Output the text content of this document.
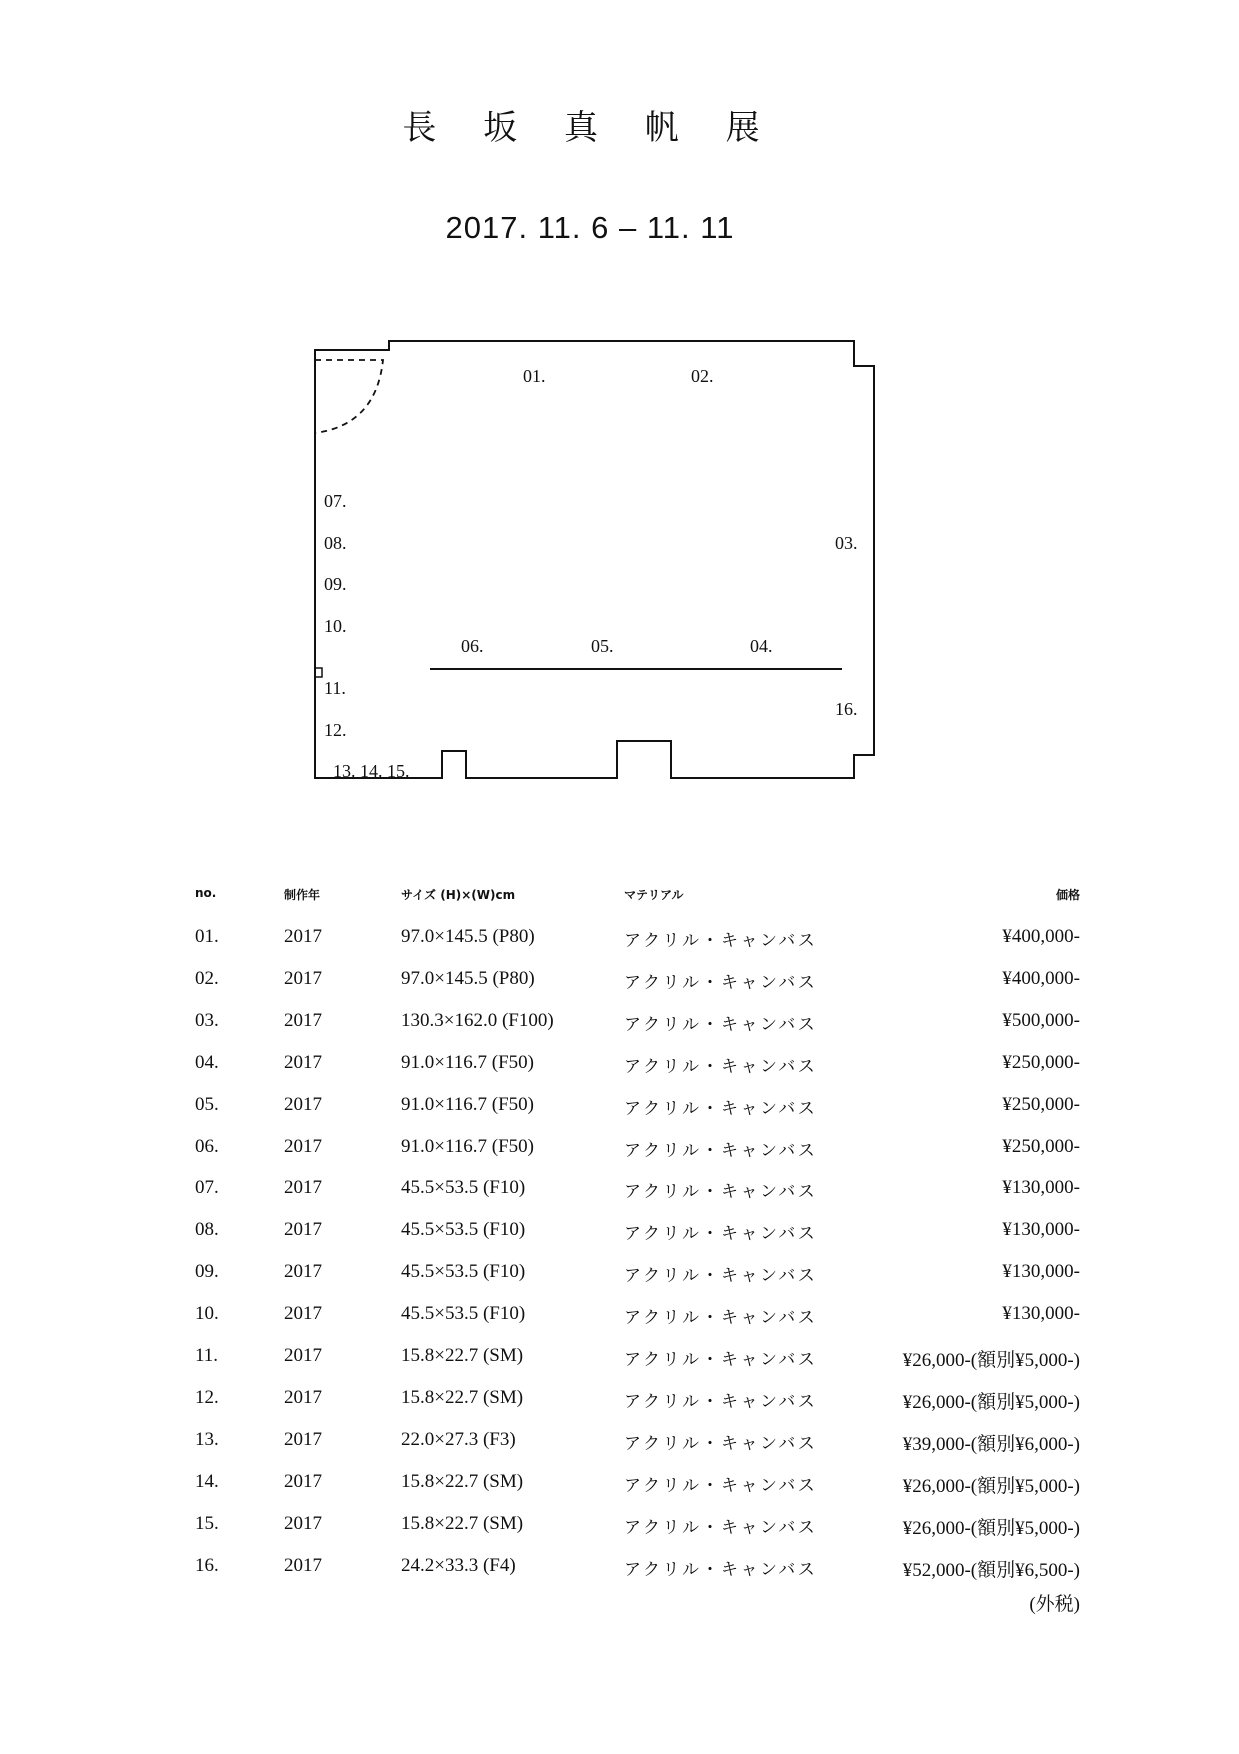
長 坂 真 帆 展
2017. 11. 6 – 11. 11
01.	02.
03.
04.
05.
06.
07.
08.
09.
10.
11.
12.
13. 14. 15.
16.
no.	制作年	サイズ (H)×(W)cm	マテリアル	価格
01.	2017	97.0×145.5 (P80)	アクリル・キャンバス	¥400,000-
02.	2017	97.0×145.5 (P80)	アクリル・キャンバス	¥400,000-
03.	2017	130.3×162.0 (F100)	アクリル・キャンバス	¥500,000-
04.	2017	91.0×116.7 (F50)	アクリル・キャンバス	¥250,000-
05.	2017	91.0×116.7 (F50)	アクリル・キャンバス	¥250,000-
06.	2017	91.0×116.7 (F50)	アクリル・キャンバス	¥250,000-
07.	2017	45.5×53.5 (F10)	アクリル・キャンバス	¥130,000-
08.	2017	45.5×53.5 (F10)	アクリル・キャンバス	¥130,000-
09.	2017	45.5×53.5 (F10)	アクリル・キャンバス	¥130,000-
10.	2017	45.5×53.5 (F10)	アクリル・キャンバス	¥130,000-
11.	2017	15.8×22.7 (SM)	アクリル・キャンバス	¥26,000-(額別¥5,000-)
12.	2017	15.8×22.7 (SM)	アクリル・キャンバス	¥26,000-(額別¥5,000-)
13.	2017	22.0×27.3 (F3)	アクリル・キャンバス	¥39,000-(額別¥6,000-)
14.	2017	15.8×22.7 (SM)	アクリル・キャンバス	¥26,000-(額別¥5,000-)
15.	2017	15.8×22.7 (SM)	アクリル・キャンバス	¥26,000-(額別¥5,000-)
16.	2017	24.2×33.3 (F4)	アクリル・キャンバス	¥52,000-(額別¥6,500-)
(外税)
